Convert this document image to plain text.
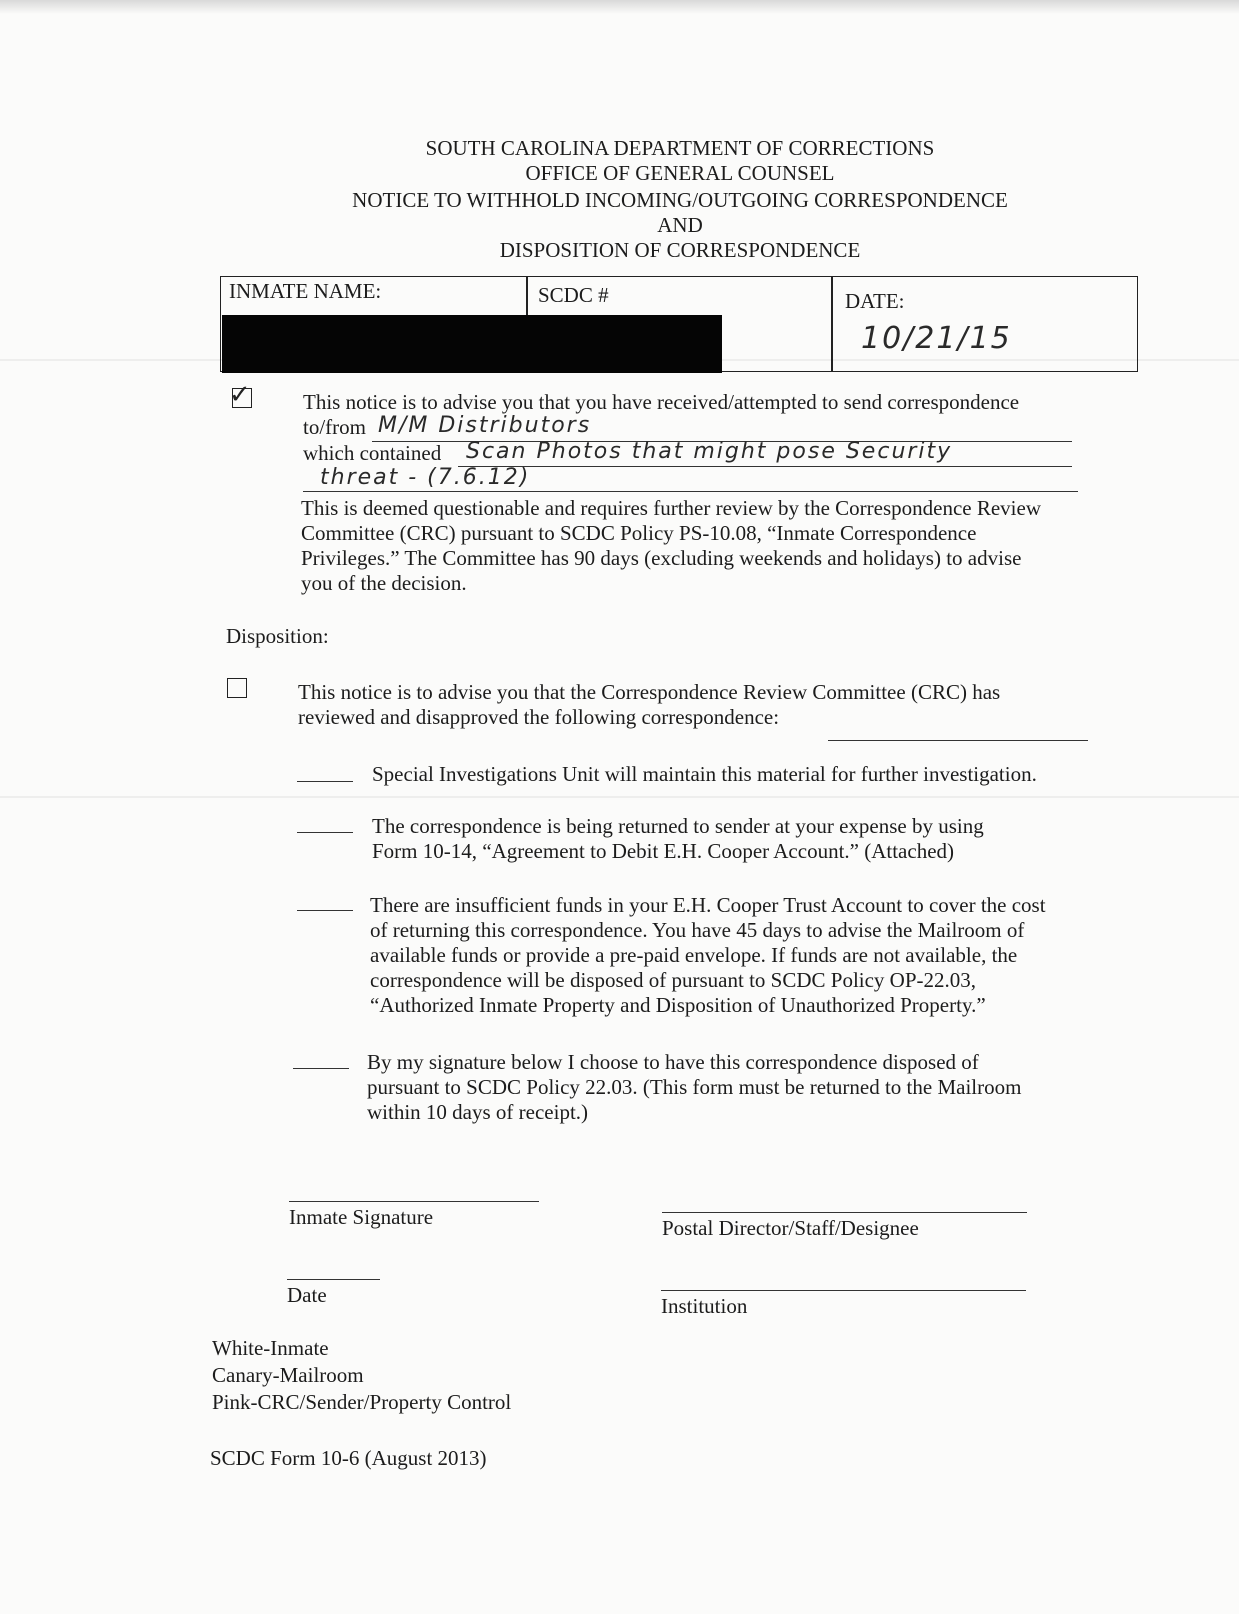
SOUTH CAROLINA DEPARTMENT OF CORRECTIONS
OFFICE OF GENERAL COUNSEL
NOTICE TO WITHHOLD INCOMING/OUTGOING CORRESPONDENCE
AND
DISPOSITION OF CORRESPONDENCE
INMATE NAME:	SCDC #	DATE:
10/21/15
✓ This notice is to advise you that you have received/attempted to send correspondence
to/from M/M Distributors
which contained Scan Photos that might pose Security
threat - (7.6.12)
This is deemed questionable and requires further review by the Correspondence Review
Committee (CRC) pursuant to SCDC Policy PS-10.08, “Inmate Correspondence
Privileges.” The Committee has 90 days (excluding weekends and holidays) to advise
you of the decision.
Disposition:
This notice is to advise you that the Correspondence Review Committee (CRC) has
reviewed and disapproved the following correspondence:
Special Investigations Unit will maintain this material for further investigation.
The correspondence is being returned to sender at your expense by using
Form 10-14, “Agreement to Debit E.H. Cooper Account.” (Attached)
There are insufficient funds in your E.H. Cooper Trust Account to cover the cost
of returning this correspondence. You have 45 days to advise the Mailroom of
available funds or provide a pre-paid envelope. If funds are not available, the
correspondence will be disposed of pursuant to SCDC Policy OP-22.03,
“Authorized Inmate Property and Disposition of Unauthorized Property.”
By my signature below I choose to have this correspondence disposed of
pursuant to SCDC Policy 22.03. (This form must be returned to the Mailroom
within 10 days of receipt.)
Inmate Signature	Postal Director/Staff/Designee
Date	Institution
White-Inmate
Canary-Mailroom
Pink-CRC/Sender/Property Control
SCDC Form 10-6 (August 2013)
